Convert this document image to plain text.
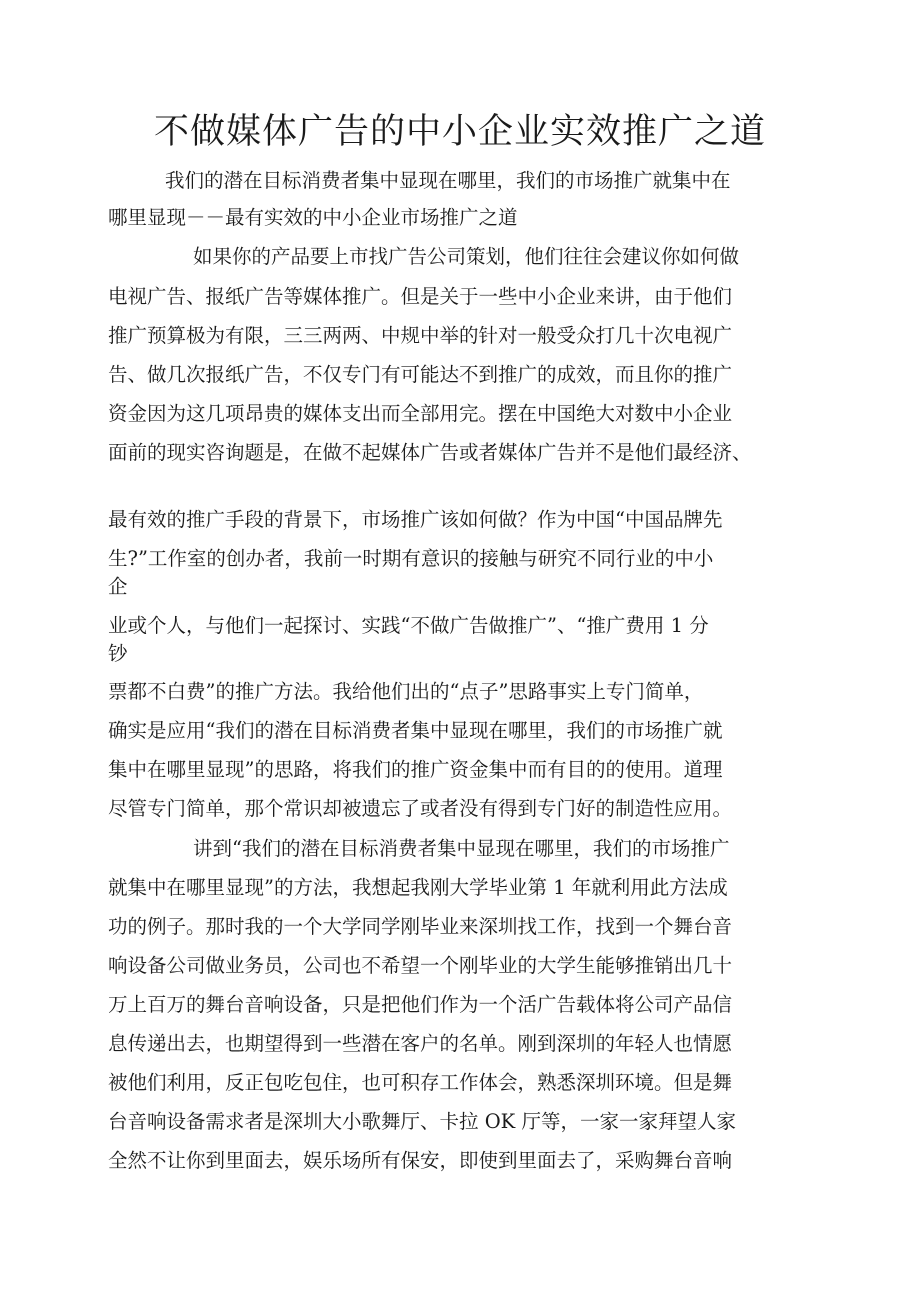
不做媒体广告的中小企业实效推广之道
我们的潜在目标消费者集中显现在哪里，我们的市场推广就集中在
哪里显现－－最有实效的中小企业市场推广之道
如果你的产品要上市找广告公司策划，他们往往会建议你如何做
电视广告、报纸广告等媒体推广。但是关于一些中小企业来讲，由于他们
推广预算极为有限，三三两两、中规中举的针对一般受众打几十次电视广
告、做几次报纸广告，不仅专门有可能达不到推广的成效，而且你的推广
资金因为这几项昂贵的媒体支出而全部用完。摆在中国绝大对数中小企业
面前的现实咨询题是，在做不起媒体广告或者媒体广告并不是他们最经济、
最有效的推广手段的背景下，市场推广该如何做？作为中国“中国品牌先
生?”工作室的创办者，我前一时期有意识的接触与研究不同行业的中小
企
业或个人，与他们一起探讨、实践“不做广告做推广”、“推广费用 1 分
钞
票都不白费”的推广方法。我给他们出的“点子”思路事实上专门简单，
确实是应用“我们的潜在目标消费者集中显现在哪里，我们的市场推广就
集中在哪里显现”的思路，将我们的推广资金集中而有目的的使用。道理
尽管专门简单，那个常识却被遗忘了或者没有得到专门好的制造性应用。
讲到“我们的潜在目标消费者集中显现在哪里，我们的市场推广
就集中在哪里显现”的方法，我想起我刚大学毕业第 1 年就利用此方法成
功的例子。那时我的一个大学同学刚毕业来深圳找工作，找到一个舞台音
响设备公司做业务员，公司也不希望一个刚毕业的大学生能够推销出几十
万上百万的舞台音响设备，只是把他们作为一个活广告载体将公司产品信
息传递出去，也期望得到一些潜在客户的名单。刚到深圳的年轻人也情愿
被他们利用，反正包吃包住，也可积存工作体会，熟悉深圳环境。但是舞
台音响设备需求者是深圳大小歌舞厅、卡拉 OK 厅等，一家一家拜望人家
全然不让你到里面去，娱乐场所有保安，即使到里面去了，采购舞台音响
